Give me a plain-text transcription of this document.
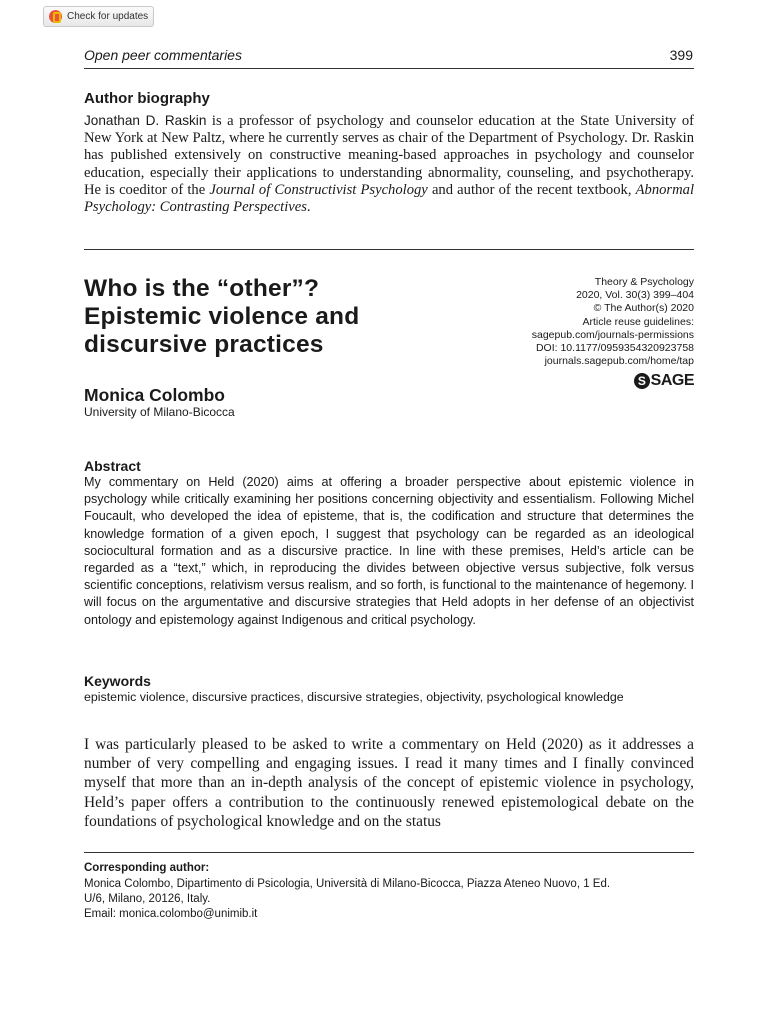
Check for updates
Open peer commentaries	399
Author biography
Jonathan D. Raskin is a professor of psychology and counselor education at the State University of New York at New Paltz, where he currently serves as chair of the Department of Psychology. Dr. Raskin has published extensively on constructive meaning-based approaches in psychology and counselor education, especially their applications to understanding abnormality, counseling, and psychotherapy. He is coeditor of the Journal of Constructivist Psychology and author of the recent textbook, Abnormal Psychology: Contrasting Perspectives.
Who is the “other”?
Epistemic violence and
discursive practices
Theory & Psychology
2020, Vol. 30(3) 399–404
© The Author(s) 2020
Article reuse guidelines:
sagepub.com/journals-permissions
DOI: 10.1177/0959354320923758
journals.sagepub.com/home/tap
S SAGE
Monica Colombo
University of Milano-Bicocca
Abstract
My commentary on Held (2020) aims at offering a broader perspective about epistemic violence in psychology while critically examining her positions concerning objectivity and essentialism. Following Michel Foucault, who developed the idea of episteme, that is, the codification and structure that determines the knowledge formation of a given epoch, I suggest that psychology can be regarded as an ideological sociocultural formation and as a discursive practice. In line with these premises, Held’s article can be regarded as a “text,” which, in reproducing the divides between objective versus subjective, folk versus scientific conceptions, relativism versus realism, and so forth, is functional to the maintenance of hegemony. I will focus on the argumentative and discursive strategies that Held adopts in her defense of an objectivist ontology and epistemology against Indigenous and critical psychology.
Keywords
epistemic violence, discursive practices, discursive strategies, objectivity, psychological knowledge
I was particularly pleased to be asked to write a commentary on Held (2020) as it addresses a number of very compelling and engaging issues. I read it many times and I finally convinced myself that more than an in-depth analysis of the concept of epistemic violence in psychology, Held’s paper offers a contribution to the continuously renewed epistemological debate on the foundations of psychological knowledge and on the status
Corresponding author:
Monica Colombo, Dipartimento di Psicologia, Università di Milano-Bicocca, Piazza Ateneo Nuovo, 1 Ed.
U/6, Milano, 20126, Italy.
Email: monica.colombo@unimib.it
